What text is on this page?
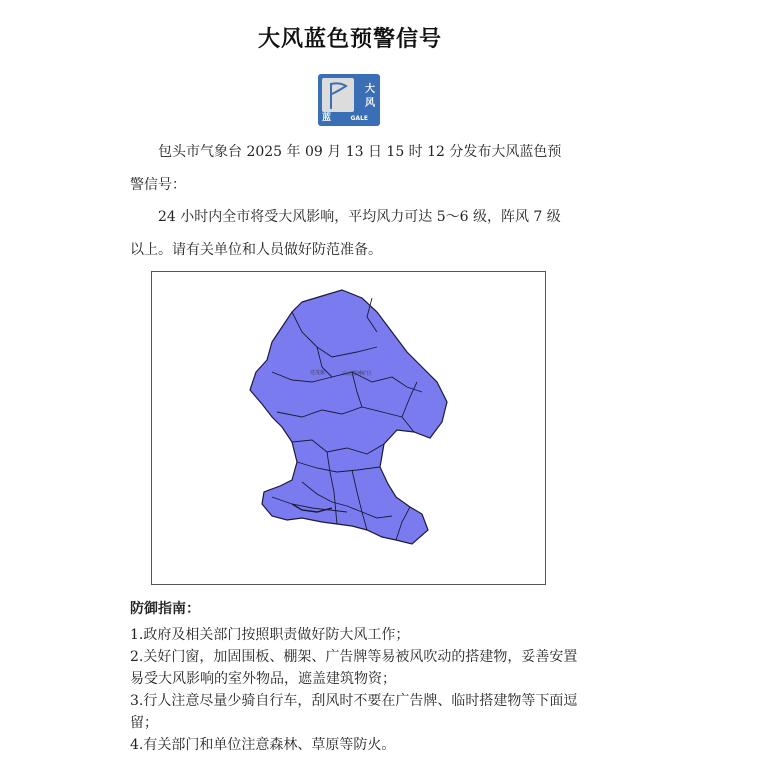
大风蓝色预警信号
大
风
蓝	GALE

包头市气象台 2025 年 09 月 13 日 15 时 12 分发布大风蓝色预警信号：

24 小时内全市将受大风影响，平均风力可达 5～6 级，阵风 7 级以上。请有关单位和人员做好防范准备。

达茂旗	白云鄂博矿区
防御指南：
1.政府及相关部门按照职责做好防大风工作；
2.关好门窗，加固围板、棚架、广告牌等易被风吹动的搭建物，妥善安置易受大风影响的室外物品，遮盖建筑物资；
3.行人注意尽量少骑自行车，刮风时不要在广告牌、临时搭建物等下面逗留；
4.有关部门和单位注意森林、草原等防火。
